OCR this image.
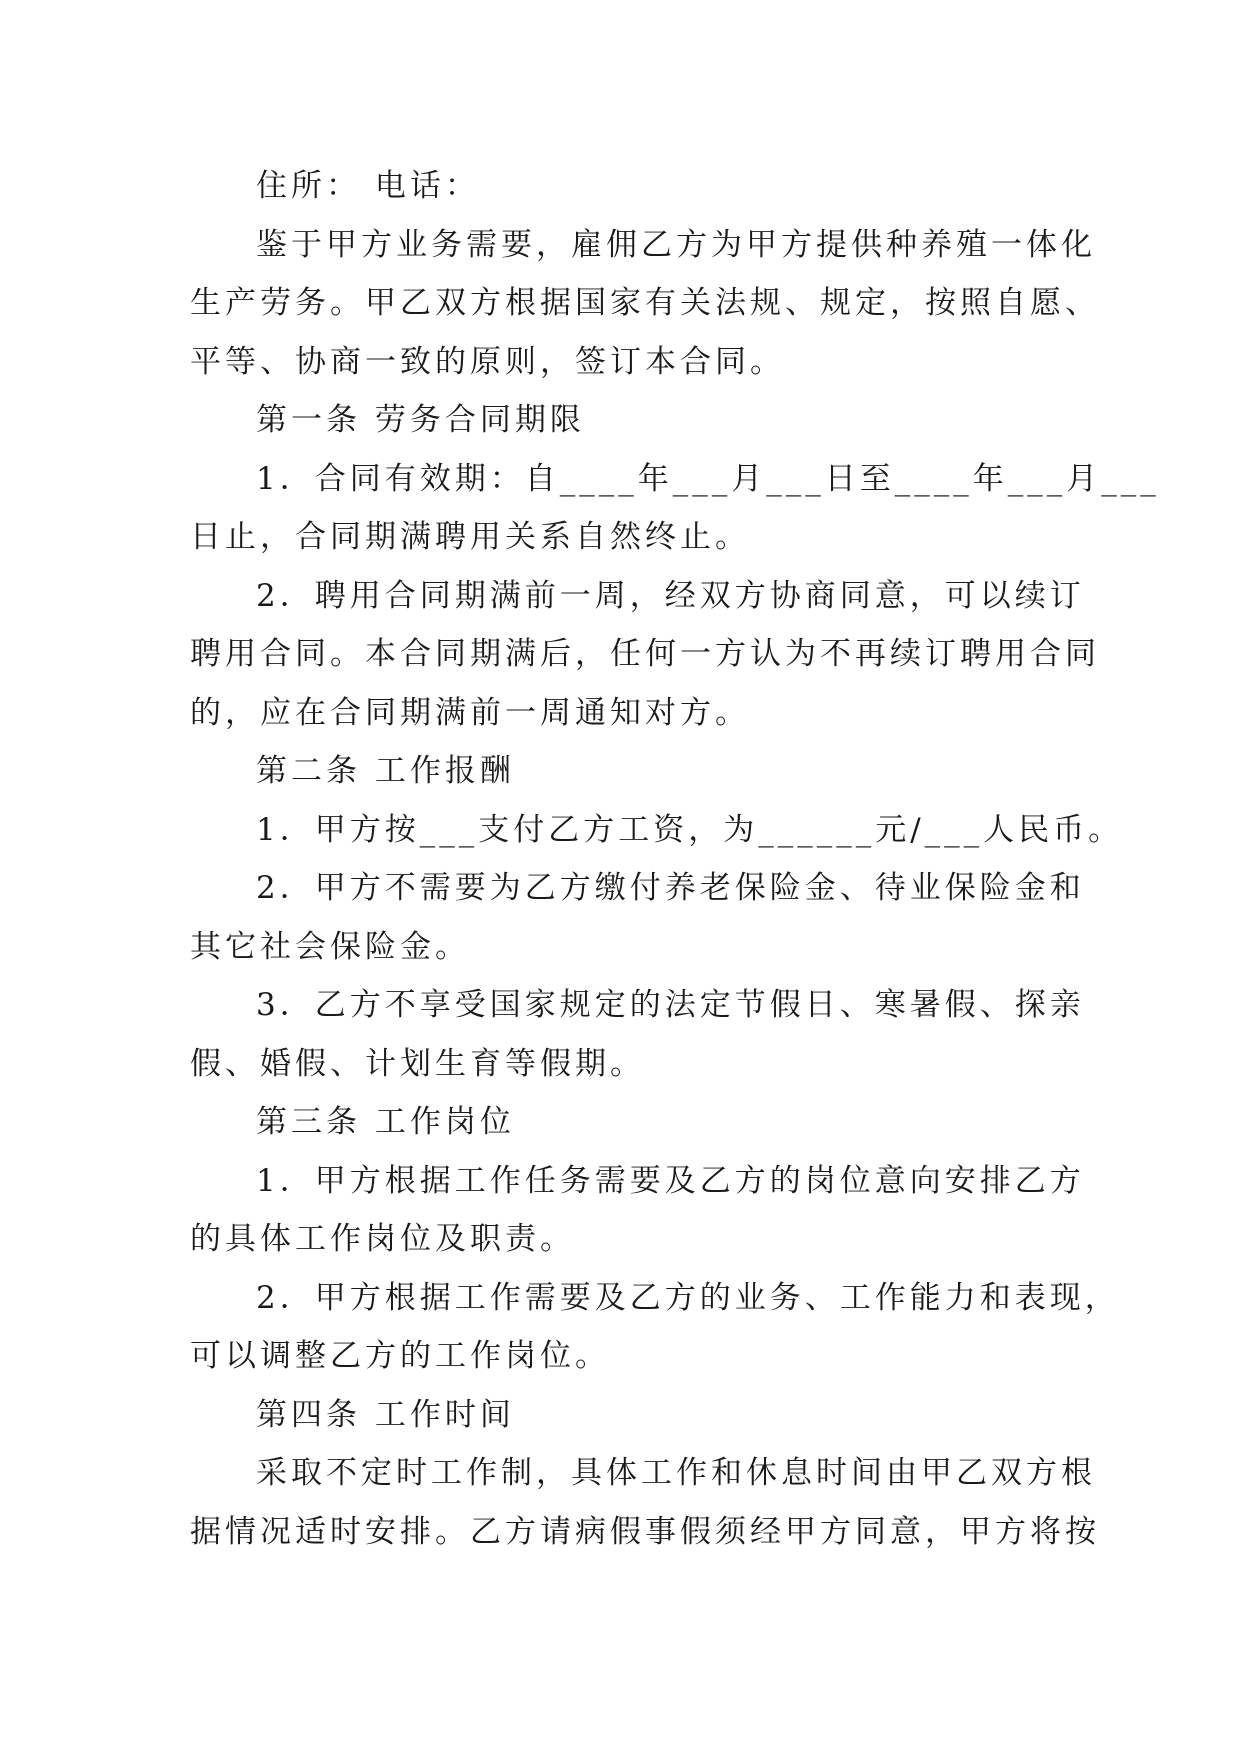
住所： 电话：
鉴于甲方业务需要，雇佣乙方为甲方提供种养殖一体化
生产劳务。甲乙双方根据国家有关法规、规定，按照自愿、
平等、协商一致的原则，签订本合同。
第一条 劳务合同期限
1．合同有效期：自____年___月___日至____年___月___
日止，合同期满聘用关系自然终止。
2．聘用合同期满前一周，经双方协商同意，可以续订
聘用合同。本合同期满后，任何一方认为不再续订聘用合同
的，应在合同期满前一周通知对方。
第二条 工作报酬
1．甲方按___支付乙方工资，为______元/___人民币。
2．甲方不需要为乙方缴付养老保险金、待业保险金和
其它社会保险金。
3．乙方不享受国家规定的法定节假日、寒暑假、探亲
假、婚假、计划生育等假期。
第三条 工作岗位
1．甲方根据工作任务需要及乙方的岗位意向安排乙方
的具体工作岗位及职责。
2．甲方根据工作需要及乙方的业务、工作能力和表现，
可以调整乙方的工作岗位。
第四条 工作时间
采取不定时工作制，具体工作和休息时间由甲乙双方根
据情况适时安排。乙方请病假事假须经甲方同意，甲方将按
